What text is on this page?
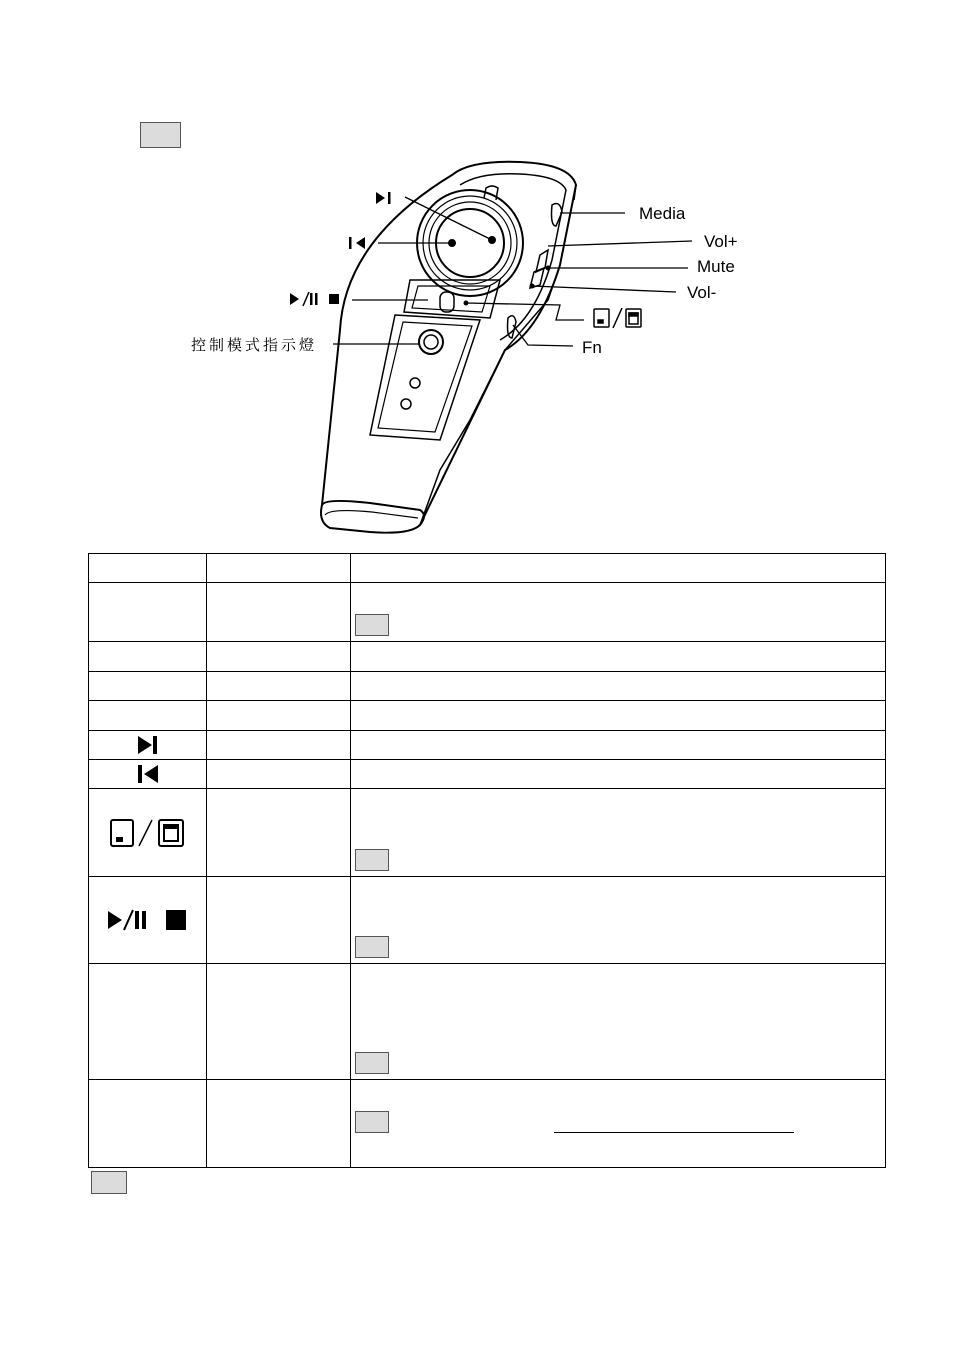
控制模式指示燈
Media
Vol+
Mute
Vol-
Fn
